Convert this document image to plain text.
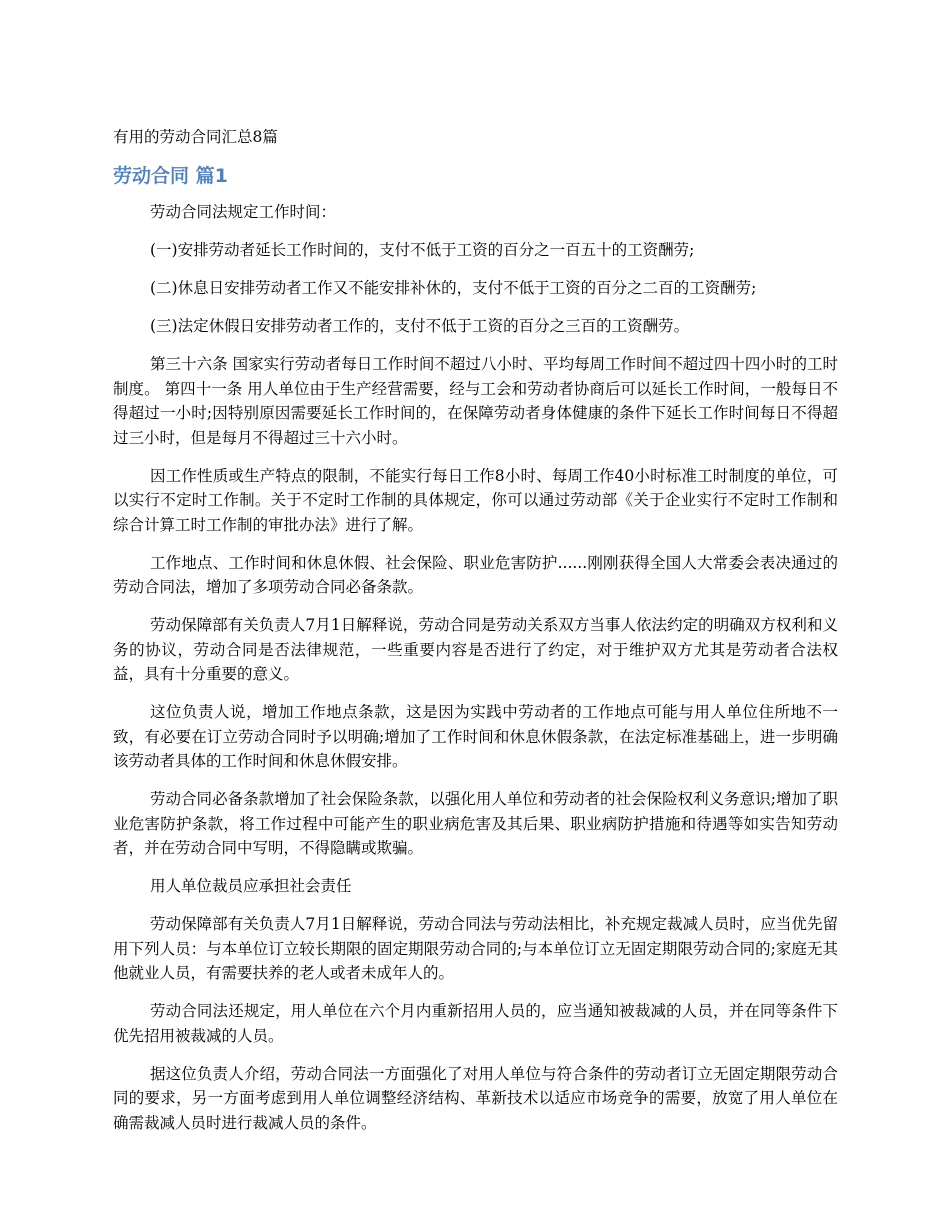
有用的劳动合同汇总8篇
劳动合同 篇1

劳动合同法规定工作时间：

(一)安排劳动者延长工作时间的，支付不低于工资的百分之一百五十的工资酬劳;

(二)休息日安排劳动者工作又不能安排补休的，支付不低于工资的百分之二百的工资酬劳;

(三)法定休假日安排劳动者工作的，支付不低于工资的百分之三百的工资酬劳。

第三十六条 国家实行劳动者每日工作时间不超过八小时、平均每周工作时间不超过四十四小时的工时制度。 第四十一条 用人单位由于生产经营需要，经与工会和劳动者协商后可以延长工作时间，一般每日不得超过一小时;因特别原因需要延长工作时间的，在保障劳动者身体健康的条件下延长工作时间每日不得超过三小时，但是每月不得超过三十六小时。

因工作性质或生产特点的限制，不能实行每日工作8小时、每周工作40小时标准工时制度的单位，可以实行不定时工作制。关于不定时工作制的具体规定，你可以通过劳动部《关于企业实行不定时工作制和综合计算工时工作制的审批办法》进行了解。

工作地点、工作时间和休息休假、社会保险、职业危害防护......刚刚获得全国人大常委会表决通过的劳动合同法，增加了多项劳动合同必备条款。

劳动保障部有关负责人7月1日解释说，劳动合同是劳动关系双方当事人依法约定的明确双方权利和义务的协议，劳动合同是否法律规范，一些重要内容是否进行了约定，对于维护双方尤其是劳动者合法权益，具有十分重要的意义。

这位负责人说，增加工作地点条款，这是因为实践中劳动者的工作地点可能与用人单位住所地不一致，有必要在订立劳动合同时予以明确;增加了工作时间和休息休假条款，在法定标准基础上，进一步明确该劳动者具体的工作时间和休息休假安排。

劳动合同必备条款增加了社会保险条款，以强化用人单位和劳动者的社会保险权利义务意识;增加了职业危害防护条款，将工作过程中可能产生的职业病危害及其后果、职业病防护措施和待遇等如实告知劳动者，并在劳动合同中写明，不得隐瞒或欺骗。

用人单位裁员应承担社会责任

劳动保障部有关负责人7月1日解释说，劳动合同法与劳动法相比，补充规定裁减人员时，应当优先留用下列人员：与本单位订立较长期限的固定期限劳动合同的;与本单位订立无固定期限劳动合同的;家庭无其他就业人员，有需要扶养的老人或者未成年人的。

劳动合同法还规定，用人单位在六个月内重新招用人员的，应当通知被裁减的人员，并在同等条件下优先招用被裁减的人员。

据这位负责人介绍，劳动合同法一方面强化了对用人单位与符合条件的劳动者订立无固定期限劳动合同的要求，另一方面考虑到用人单位调整经济结构、革新技术以适应市场竞争的需要，放宽了用人单位在确需裁减人员时进行裁减人员的条件。
